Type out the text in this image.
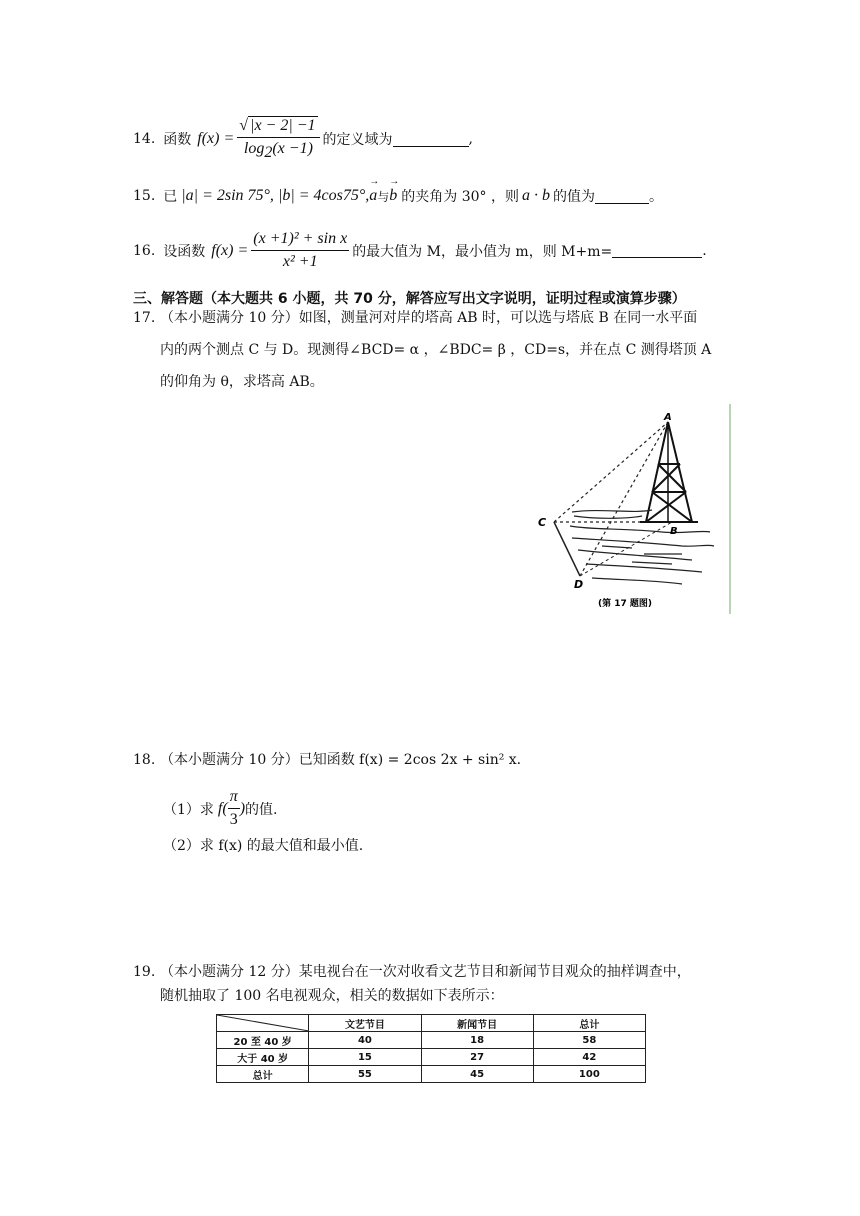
14. 函数 $f(x) = \frac{√ |x - 2| -1}{\log_2(x -1)}$ 的定义域为	,
15. 已 |a| = 2sin 75°, |b| = 4cos75°, → a 与 → b 的夹角为 30° ，则 a · b 的值为	。
16. 设函数 $f(x) = \frac{\text{(x +1)² + sin x}}{\text{x² +1}}$ 的最大值为 M，最小值为 m，则 M+m=	.
三、解答题（本大题共 6 小题，共 70 分，解答应写出文字说明，证明过程或演算步骤）
17. （本小题满分 10 分）如图，测量河对岸的塔高 AB 时，可以选与塔底 B 在同一水平面
内的两个测点 C 与 D。现测得∠BCD= α ，∠BDC= β ，CD=s，并在点 C 测得塔顶 A
的仰角为 θ，求塔高 AB。
A
B
C
D
(第 17 题图)
18. （本小题满分 10 分）已知函数 f(x) = 2cos 2x + sin² x.
（1）求 $f( \frac{\pi}{3}$ ) 的值.
（2）求 f(x) 的最大值和最小值.
19. （本小题满分 12 分）某电视台在一次对收看文艺节目和新闻节目观众的抽样调查中，
随机抽取了 100 名电视观众，相关的数据如下表所示：
	文艺节目	新闻节目	总计
20 至 40 岁	40	18	58
大于 40 岁	15	27	42
总计	55	45	100
